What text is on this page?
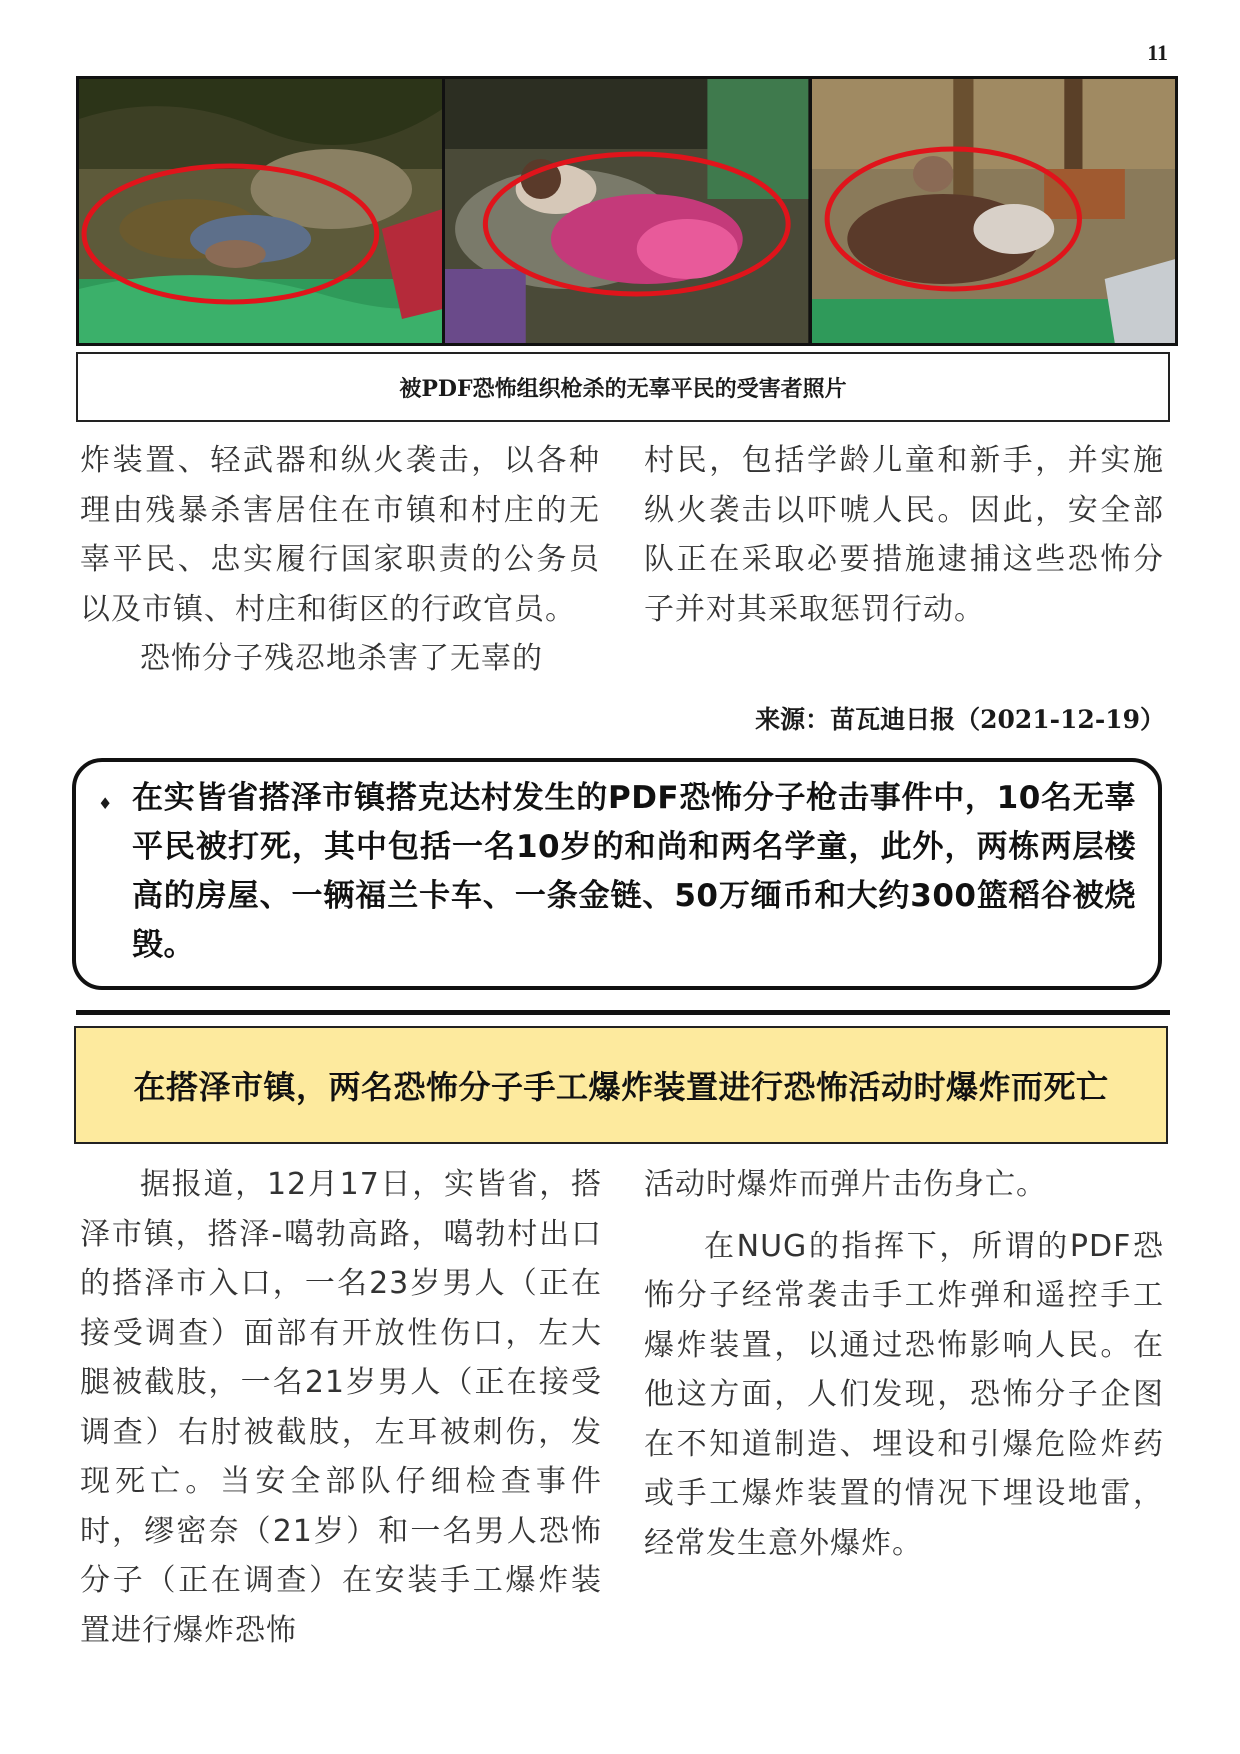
11
被PDF恐怖组织枪杀的无辜平民的受害者照片

炸装置、轻武器和纵火袭击，以各种理由残暴杀害居住在市镇和村庄的无辜平民、忠实履行国家职责的公务员以及市镇、村庄和街区的行政官员。

恐怖分子残忍地杀害了无辜的

村民，包括学龄儿童和新手，并实施纵火袭击以吓唬人民。因此，安全部队正在采取必要措施逮捕这些恐怖分子并对其采取惩罚行动。

来源：苗瓦迪日报（2021-12-19）
♦ 在实皆省搭泽市镇搭克达村发生的PDF恐怖分子枪击事件中，10名无辜平民被打死，其中包括一名10岁的和尚和两名学童，此外，两栋两层楼高的房屋、一辆福兰卡车、一条金链、50万缅币和大约300篮稻谷被烧毁。
在搭泽市镇，两名恐怖分子手工爆炸装置进行恐怖活动时爆炸而死亡

据报道，12月17日，实皆省，搭泽市镇，搭泽-噶勃高路，噶勃村出口的搭泽市入口，一名23岁男人（正在接受调查）面部有开放性伤口，左大腿被截肢，一名21岁男人（正在接受调查）右肘被截肢，左耳被刺伤，发现死亡。当安全部队仔细检查事件时，缪密奈（21岁）和一名男人恐怖分子（正在调查）在安装手工爆炸装置进行爆炸恐怖

活动时爆炸而弹片击伤身亡。

在NUG的指挥下，所谓的PDF恐怖分子经常袭击手工炸弹和遥控手工爆炸装置，以通过恐怖影响人民。在他这方面，人们发现，恐怖分子企图在不知道制造、埋设和引爆危险炸药或手工爆炸装置的情况下埋设地雷，经常发生意外爆炸。
